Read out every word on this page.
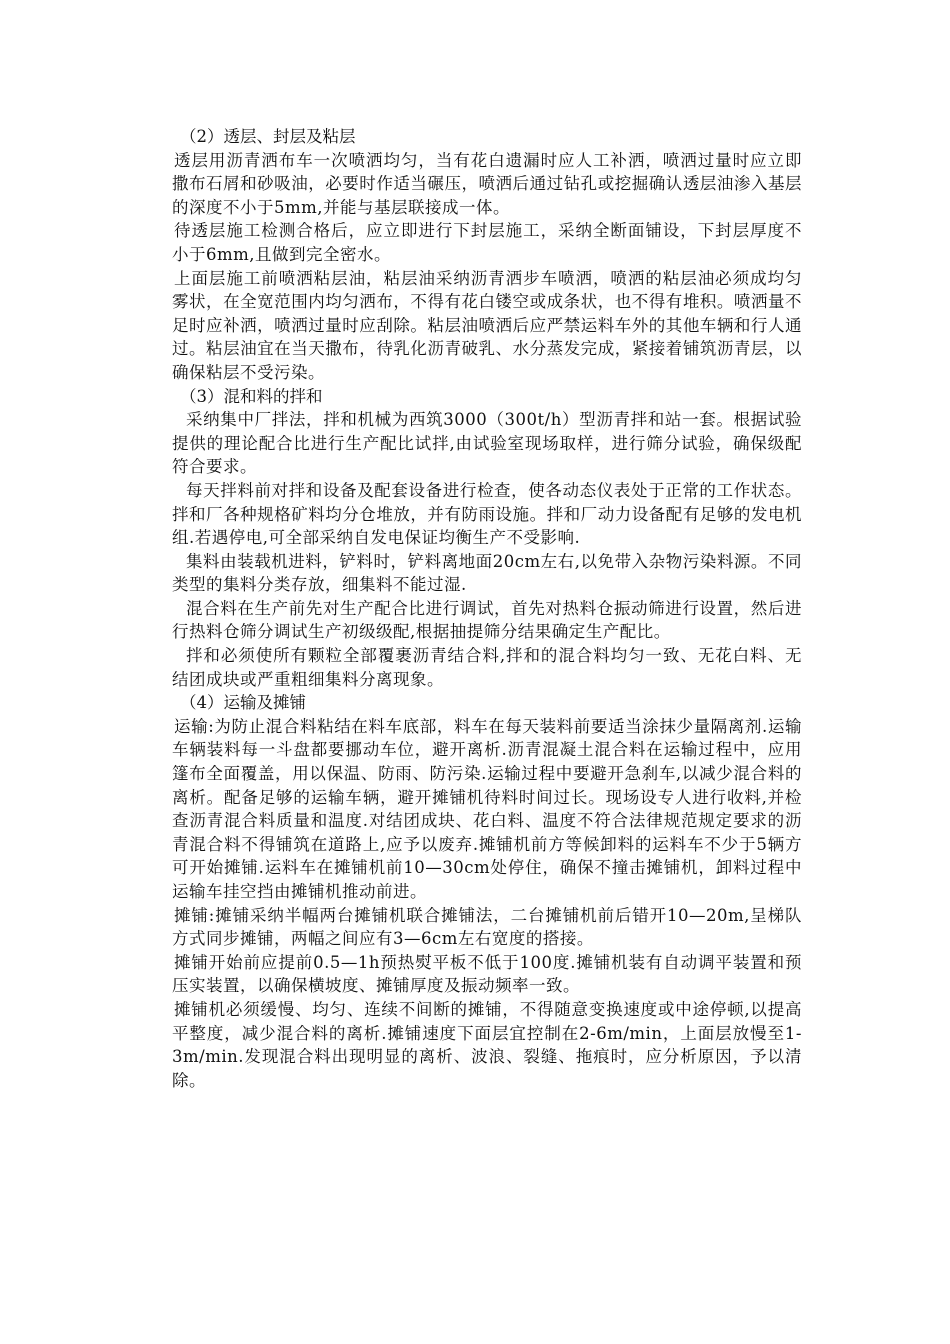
（2）透层、封层及粘层

透层用沥青洒布车一次喷洒均匀，当有花白遗漏时应人工补洒，喷洒过量时应立即撒布石屑和砂吸油，必要时作适当碾压，喷洒后通过钻孔或挖掘确认透层油渗入基层的深度不小于5mm,并能与基层联接成一体。

待透层施工检测合格后，应立即进行下封层施工，采纳全断面铺设，下封层厚度不小于6mm,且做到完全密水。

上面层施工前喷洒粘层油，粘层油采纳沥青洒步车喷洒，喷洒的粘层油必须成均匀雾状，在全宽范围内均匀洒布，不得有花白镂空或成条状，也不得有堆积。喷洒量不足时应补洒，喷洒过量时应刮除。粘层油喷洒后应严禁运料车外的其他车辆和行人通过。粘层油宜在当天撒布，待乳化沥青破乳、水分蒸发完成，紧接着铺筑沥青层，以确保粘层不受污染。

（3）混和料的拌和

采纳集中厂拌法，拌和机械为西筑3000（300t/h）型沥青拌和站一套。根据试验提供的理论配合比进行生产配比试拌,由试验室现场取样，进行筛分试验，确保级配符合要求。

每天拌料前对拌和设备及配套设备进行检查，使各动态仪表处于正常的工作状态。拌和厂各种规格矿料均分仓堆放，并有防雨设施。拌和厂动力设备配有足够的发电机组.若遇停电,可全部采纳自发电保证均衡生产不受影响.

集料由装载机进料，铲料时，铲料离地面20cm左右,以免带入杂物污染料源。不同类型的集料分类存放，细集料不能过湿.

混合料在生产前先对生产配合比进行调试，首先对热料仓振动筛进行设置，然后进行热料仓筛分调试生产初级级配,根据抽提筛分结果确定生产配比。

拌和必须使所有颗粒全部覆裹沥青结合料,拌和的混合料均匀一致、无花白料、无结团成块或严重粗细集料分离现象。

（4）运输及摊铺

运输:为防止混合料粘结在料车底部，料车在每天装料前要适当涂抹少量隔离剂.运输车辆装料每一斗盘都要挪动车位，避开离析.沥青混凝土混合料在运输过程中，应用篷布全面覆盖，用以保温、防雨、防污染.运输过程中要避开急刹车,以减少混合料的离析。配备足够的运输车辆，避开摊铺机待料时间过长。现场设专人进行收料,并检查沥青混合料质量和温度.对结团成块、花白料、温度不符合法律规范规定要求的沥青混合料不得铺筑在道路上,应予以废弃.摊铺机前方等候卸料的运料车不少于5辆方可开始摊铺.运料车在摊铺机前10—30cm处停住，确保不撞击摊铺机，卸料过程中运输车挂空挡由摊铺机推动前进。

摊铺:摊铺采纳半幅两台摊铺机联合摊铺法，二台摊铺机前后错开10—20m,呈梯队方式同步摊铺，两幅之间应有3—6cm左右宽度的搭接。

摊铺开始前应提前0.5—1h预热熨平板不低于100度.摊铺机装有自动调平装置和预压实装置，以确保横坡度、摊铺厚度及振动频率一致。

摊铺机必须缓慢、均匀、连续不间断的摊铺，不得随意变换速度或中途停顿,以提高平整度，减少混合料的离析.摊铺速度下面层宜控制在2-6m/min，上面层放慢至1-3m/min.发现混合料出现明显的离析、波浪、裂缝、拖痕时，应分析原因，予以清除。
